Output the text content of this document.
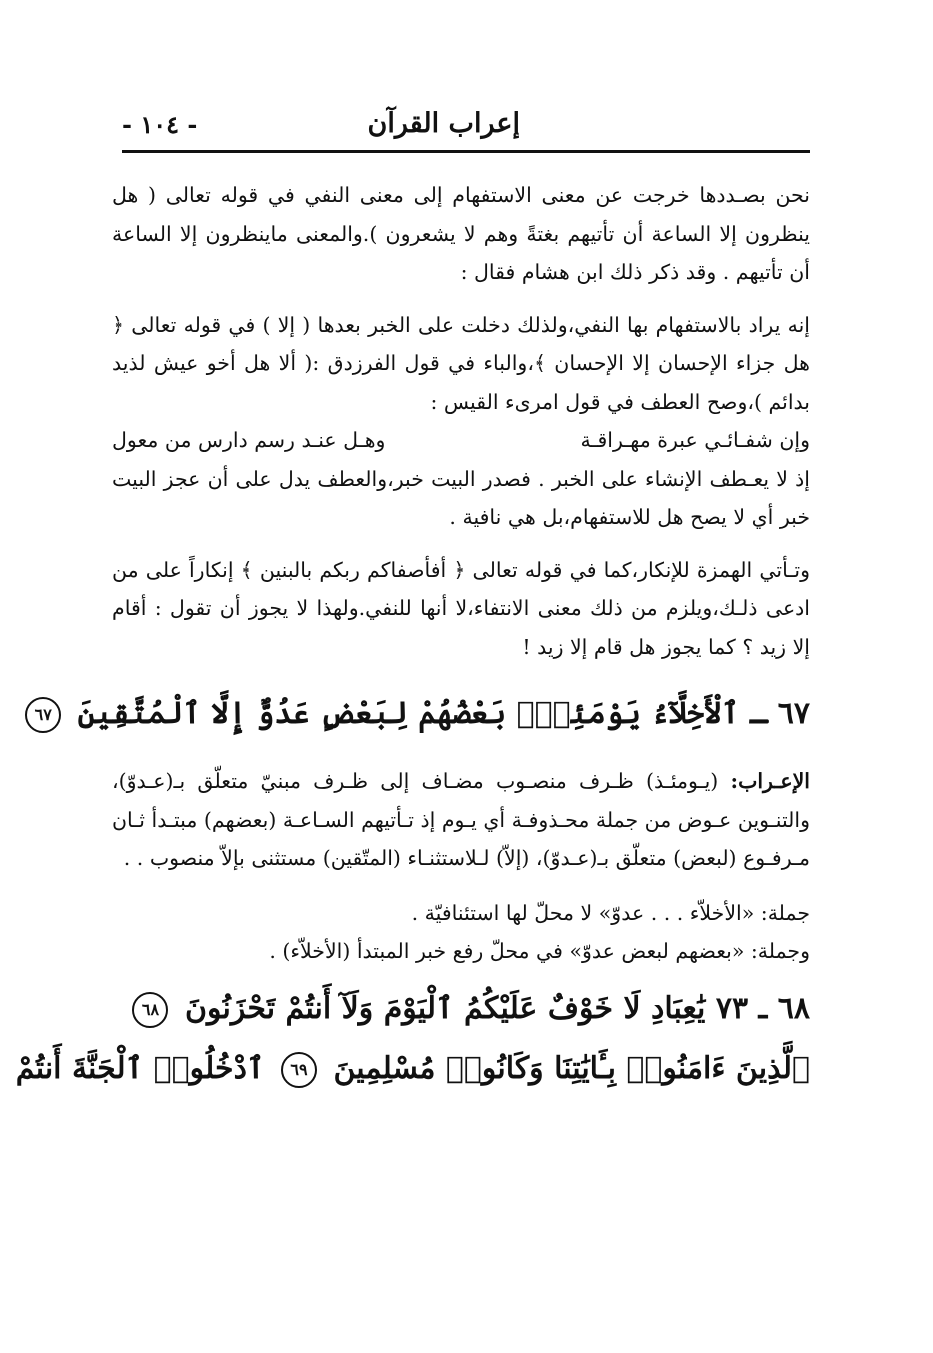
إعراب القرآن
- ١٠٤ -

نحن بصـددها خرجت عن معنى الاستفهام إلى معنى النفي في قوله تعالى ( هل ينظرون إلا الساعة أن تأتيهم بغتةً وهم لا يشعرون ).والمعنى ماينظرون إلا الساعة أن تأتيهم . وقد ذكر ذلك ابن هشام فقال :

إنه يراد بالاستفهام بها النفي،ولذلك دخلت على الخبر بعدها ( إلا ) في قوله تعالى ﴿ هل جزاء الإحسان إلا الإحسان ﴾،والباء في قول الفرزدق :( ألا هل أخو عيش لذيد بدائم )،وصح العطف في قول امرىء القيس :

وإن شفـائـي عبرة مهـراقـة
وهـل عنـد رسم دارس من معول

إذ لا يعـطف الإنشاء على الخبر . فصدر البيت خبر،والعطف يدل على أن عجز البيت خبر أي لا يصح هل للاستفهام،بل هي نافية .

وتـأتي الهمزة للإنكار،كما في قوله تعالى ﴿ أفأصفاكم ربكم بالبنين ﴾ إنكاراً على من ادعى ذلـك،ويلزم من ذلك معنى الانتفاء،لا أنها للنفي.ولهذا لا يجوز أن تقول : أقام إلا زيد ؟ كما يجوز هل قام إلا زيد !

٦٧ ـ ٱلْأَخِلَّآءُ يَوْمَئِذٍۭ بَعْضُهُمْ لِبَعْضٍ عَدُوٌّ إِلَّا ٱلْمُتَّقِينَ ٦٧

الإعـراب: (يـومئـذ) ظـرف منصـوب مضـاف إلى ظـرف مبنيّ متعلّق بـ(عـدوّ)، والتنـوين عـوض من جملة محـذوفـة أي يـوم إذ تـأتيهم السـاعـة (بعضهم) مبتـدأ ثـان مـرفـوع (لبعض) متعلّق بـ(عـدوّ)، (إلاّ) لـلاستثنـاء (المتّقين) مستثنى بإلاّ منصوب . .

جملة: «الأخلاّء . . . عدوّ» لا محلّ لها استئنافيّة .

وجملة: «بعضهم لبعض عدوّ» في محلّ رفع خبر المبتدأ (الأخلاّء) .

٦٨ ـ ٧٣ يَٰعِبَادِ لَا خَوْفٌ عَلَيْكُمُ ٱلْيَوْمَ وَلَآ أَنتُمْ تَحْزَنُونَ ٦٨

ٱلَّذِينَ ءَامَنُوا۟ بِـَٔايَٰتِنَا وَكَانُوا۟ مُسْلِمِينَ ٦٩ ٱدْخُلُوا۟ ٱلْجَنَّةَ أَنتُمْ
